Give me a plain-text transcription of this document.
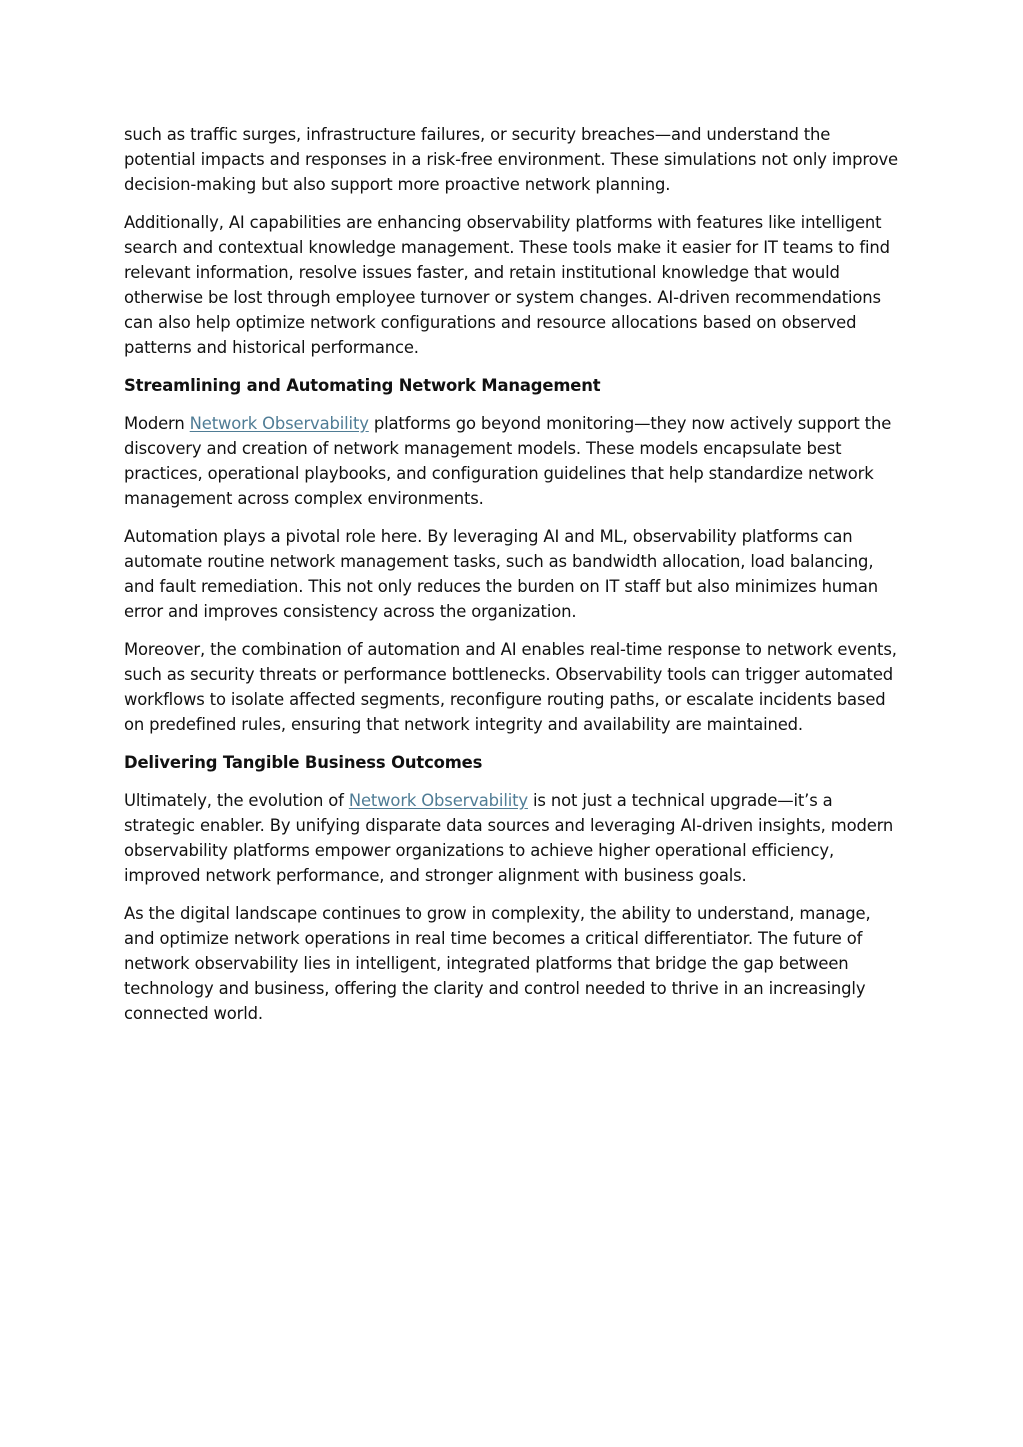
such as traffic surges, infrastructure failures, or security breaches—and understand the potential impacts and responses in a risk-free environment. These simulations not only improve decision-making but also support more proactive network planning.

Additionally, AI capabilities are enhancing observability platforms with features like intelligent search and contextual knowledge management. These tools make it easier for IT teams to find relevant information, resolve issues faster, and retain institutional knowledge that would otherwise be lost through employee turnover or system changes. AI-driven recommendations can also help optimize network configurations and resource allocations based on observed patterns and historical performance.

Streamlining and Automating Network Management

Modern Network Observability platforms go beyond monitoring—they now actively support the discovery and creation of network management models. These models encapsulate best practices, operational playbooks, and configuration guidelines that help standardize network management across complex environments.

Automation plays a pivotal role here. By leveraging AI and ML, observability platforms can automate routine network management tasks, such as bandwidth allocation, load balancing, and fault remediation. This not only reduces the burden on IT staff but also minimizes human error and improves consistency across the organization.

Moreover, the combination of automation and AI enables real-time response to network events, such as security threats or performance bottlenecks. Observability tools can trigger automated workflows to isolate affected segments, reconfigure routing paths, or escalate incidents based on predefined rules, ensuring that network integrity and availability are maintained.

Delivering Tangible Business Outcomes

Ultimately, the evolution of Network Observability is not just a technical upgrade—it’s a strategic enabler. By unifying disparate data sources and leveraging AI-driven insights, modern observability platforms empower organizations to achieve higher operational efficiency, improved network performance, and stronger alignment with business goals.

As the digital landscape continues to grow in complexity, the ability to understand, manage, and optimize network operations in real time becomes a critical differentiator. The future of network observability lies in intelligent, integrated platforms that bridge the gap between technology and business, offering the clarity and control needed to thrive in an increasingly connected world.
